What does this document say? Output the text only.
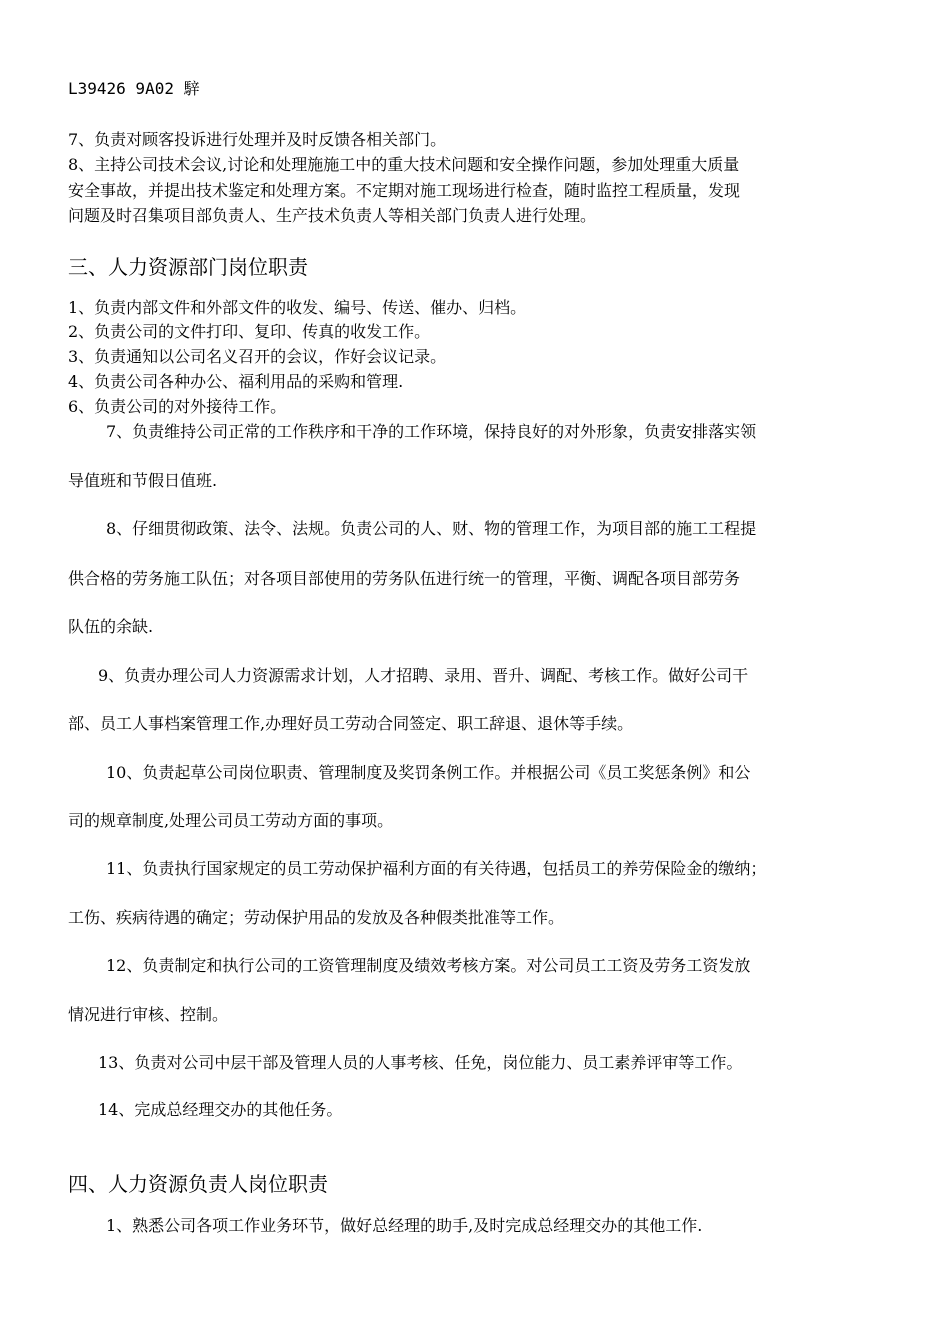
L39426 9A02 騂
7、负责对顾客投诉进行处理并及时反馈各相关部门。
8、主持公司技术会议,讨论和处理施施工中的重大技术问题和安全操作问题，参加处理重大质量
安全事故，并提出技术鉴定和处理方案。不定期对施工现场进行检查，随时监控工程质量，发现
问题及时召集项目部负责人、生产技术负责人等相关部门负责人进行处理。
三、人力资源部门岗位职责
1、负责内部文件和外部文件的收发、编号、传送、催办、归档。
2、负责公司的文件打印、复印、传真的收发工作。
3、负责通知以公司名义召开的会议，作好会议记录。
4、负责公司各种办公、福利用品的采购和管理.
6、负责公司的对外接待工作。
7、负责维持公司正常的工作秩序和干净的工作环境，保持良好的对外形象，负责安排落实领
导值班和节假日值班.
8、仔细贯彻政策、法令、法规。负责公司的人、财、物的管理工作，为项目部的施工工程提
供合格的劳务施工队伍；对各项目部使用的劳务队伍进行统一的管理，平衡、调配各项目部劳务
队伍的余缺.
9、负责办理公司人力资源需求计划，人才招聘、录用、晋升、调配、考核工作。做好公司干
部、员工人事档案管理工作,办理好员工劳动合同签定、职工辞退、退休等手续。
10、负责起草公司岗位职责、管理制度及奖罚条例工作。并根据公司《员工奖惩条例》和公
司的规章制度,处理公司员工劳动方面的事项。
11、负责执行国家规定的员工劳动保护福利方面的有关待遇，包括员工的养劳保险金的缴纳；
工伤、疾病待遇的确定；劳动保护用品的发放及各种假类批准等工作。
12、负责制定和执行公司的工资管理制度及绩效考核方案。对公司员工工资及劳务工资发放
情况进行审核、控制。
13、负责对公司中层干部及管理人员的人事考核、任免，岗位能力、员工素养评审等工作。
14、完成总经理交办的其他任务。
四、人力资源负责人岗位职责
1、熟悉公司各项工作业务环节，做好总经理的助手,及时完成总经理交办的其他工作.
